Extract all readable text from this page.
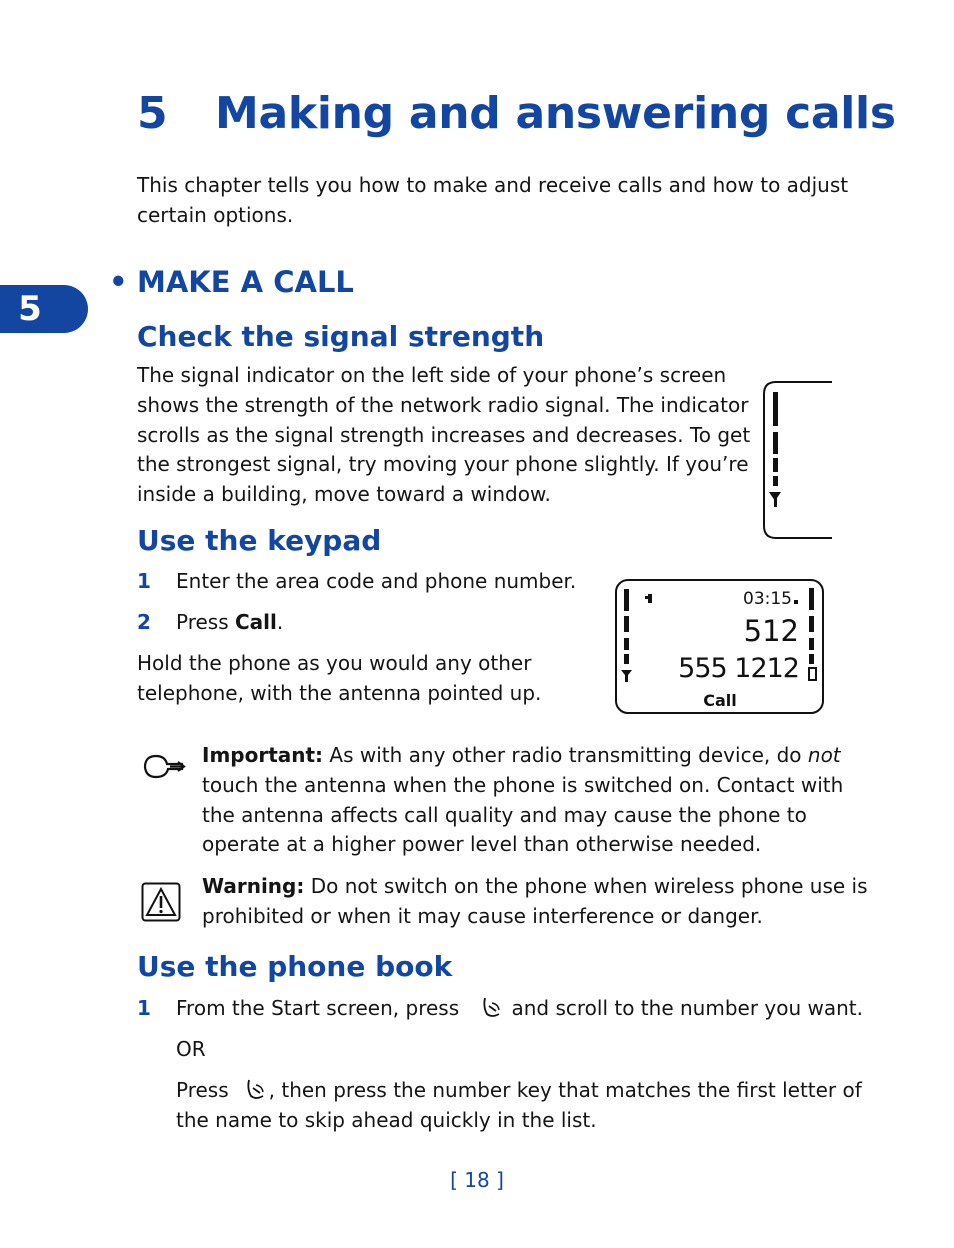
5 Making and answering calls
This chapter tells you how to make and receive calls and how to adjust
certain options.
5
• MAKE A CALL
Check the signal strength
The signal indicator on the left side of your phone’s screen
shows the strength of the network radio signal. The indicator
scrolls as the signal strength increases and decreases. To get
the strongest signal, try moving your phone slightly. If you’re
inside a building, move toward a window.
Use the keypad
1 Enter the area code and phone number.
2 Press Call.
Hold the phone as you would any other
telephone, with the antenna pointed up.
03:15
512
555 1212
Call
Important: As with any other radio transmitting device, do not
touch the antenna when the phone is switched on. Contact with
the antenna affects call quality and may cause the phone to
operate at a higher power level than otherwise needed.
Warning: Do not switch on the phone when wireless phone use is
prohibited or when it may cause interference or danger.
Use the phone book
1 From the Start screen, press	and scroll to the number you want.
OR
Press , then press the number key that matches the first letter of
the name to skip ahead quickly in the list.
[ 18 ]
